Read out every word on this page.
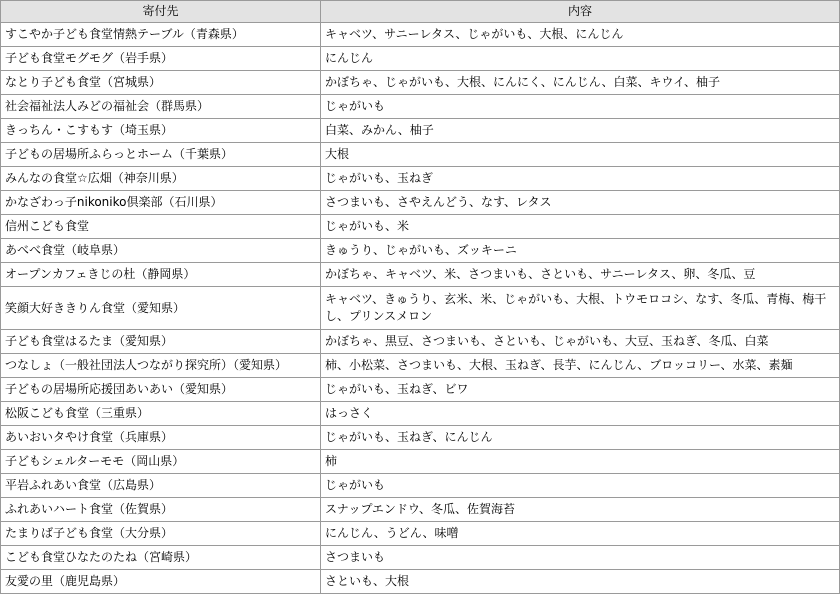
寄付先	内容
すこやか子ども食堂情熱テーブル（青森県）	キャベツ、サニーレタス、じゃがいも、大根、にんじん
子ども食堂モグモグ（岩手県）	にんじん
なとり子ども食堂（宮城県）	かぼちゃ、じゃがいも、大根、にんにく、にんじん、白菜、キウイ、柚子
社会福祉法人みどの福祉会（群馬県）	じゃがいも
きっちん・こすもす（埼玉県）	白菜、みかん、柚子
子どもの居場所ふらっとホーム（千葉県）	大根
みんなの食堂☆広畑（神奈川県）	じゃがいも、玉ねぎ
かなざわっ子nikoniko倶楽部（石川県）	さつまいも、さやえんどう、なす、レタス
信州こども食堂	じゃがいも、米
あべべ食堂（岐阜県）	きゅうり、じゃがいも、ズッキーニ
オープンカフェきじの杜（静岡県）	かぼちゃ、キャベツ、米、さつまいも、さといも、サニーレタス、卵、冬瓜、豆
笑顔大好ききりん食堂（愛知県）	キャベツ、きゅうり、玄米、米、じゃがいも、大根、トウモロコシ、なす、冬瓜、青梅、梅干し、プリンスメロン
子ども食堂はるたま（愛知県）	かぼちゃ、黒豆、さつまいも、さといも、じゃがいも、大豆、玉ねぎ、冬瓜、白菜
つなしょ（一般社団法人つながり探究所）（愛知県）	柿、小松菜、さつまいも、大根、玉ねぎ、長芋、にんじん、ブロッコリー、水菜、素麺
子どもの居場所応援団あいあい（愛知県）	じゃがいも、玉ねぎ、ビワ
松阪こども食堂（三重県）	はっさく
あいおいタやけ食堂（兵庫県）	じゃがいも、玉ねぎ、にんじん
子どもシェルターモモ（岡山県）	柿
平岩ふれあい食堂（広島県）	じゃがいも
ふれあいハート食堂（佐賀県）	スナップエンドウ、冬瓜、佐賀海苔
たまりば子ども食堂（大分県）	にんじん、うどん、味噌
こども食堂ひなたのたね（宮崎県）	さつまいも
友愛の里（鹿児島県）	さといも、大根
